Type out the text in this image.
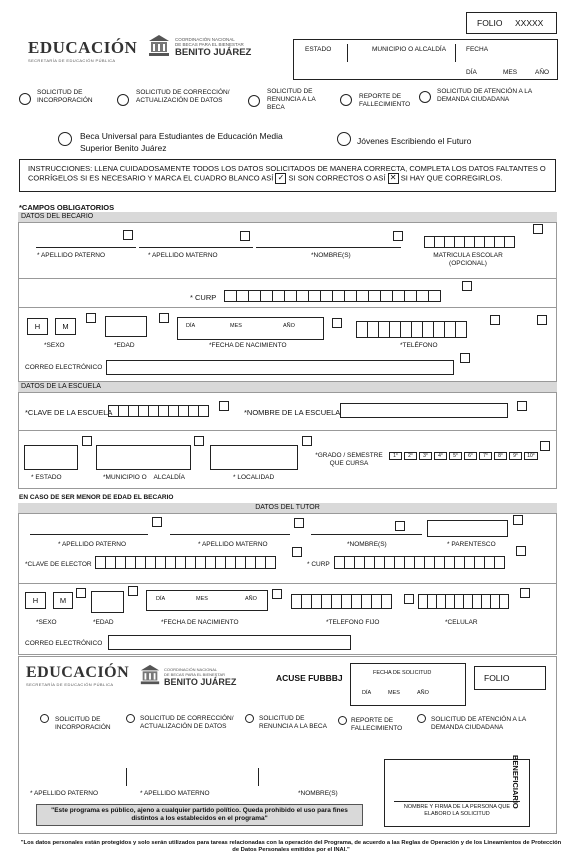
FOLIO XXXXX
EDUCACIÓN
SECRETARÍA DE EDUCACIÓN PÚBLICA
COORDINACIÓN NACIONAL
DE BECAS PARA EL BIENESTAR
BENITO JUÁREZ	ESTADO	MUNICIPIO O ALCALDÍA	FECHA
DÍA	MES	AÑO
SOLICITUD DE INCORPORACIÓN
SOLICITUD DE CORRECCIÓN/ ACTUALIZACIÓN DE DATOS
SOLICITUD DE RENUNCIA A LA BECA
REPORTE DE FALLECIMIENTO
SOLICITUD DE ATENCIÓN A LA DEMANDA CIUDADANA
Beca Universal para Estudiantes de Educación Media Superior Benito Juárez
Jóvenes Escribiendo el Futuro
INSTRUCCIONES: LLENA CUIDADOSAMENTE TODOS LOS DATOS SOLICITADOS DE MANERA CORRECTA, COMPLETA LOS DATOS FALTANTES O CORRÍGELOS SI ES NECESARIO Y MARCA EL CUADRO BLANCO ASÍ ✓ SI SON CORRECTOS O ASÍ ✕ SI HAY QUE CORREGIRLOS.
*CAMPOS OBLIGATORIOS
DATOS DEL BECARIO
* APELLIDO PATERNO	* APELLIDO MATERNO	*NOMBRE(S)	MATRICULA ESCOLAR (OPCIONAL)
* CURP
H	M	DÍA	MES	AÑO
*SEXO	*EDAD	*FECHA DE NACIMIENTO	*TELÉFONO
CORREO ELECTRÓNICO
DATOS DE LA ESCUELA
*CLAVE DE LA ESCUELA	*NOMBRE DE LA ESCUELA
* ESTADO	*MUNICIPIO O    ALCALDÍA	* LOCALIDAD
*GRADO / SEMESTRE QUE CURSA
1°	2°	3°	4°	5°	6°	7°	8°	9°	10°
EN CASO DE SER MENOR DE EDAD EL BECARIO
DATOS DEL TUTOR
* APELLIDO PATERNO	* APELLIDO MATERNO	*NOMBRE(S)	* PARENTESCO
*CLAVE DE ELECTOR	* CURP
H	M	DÍA	MES	AÑO
*SEXO	*EDAD	*FECHA DE NACIMIENTO	*TELEFONO FIJO	*CELULAR
CORREO ELECTRÓNICO
EDUCACIÓN
SECRETARÍA DE EDUCACIÓN PÚBLICA
COORDINACIÓN NACIONAL
DE BECAS PARA EL BIENESTAR
BENITO JUÁREZ	ACUSE FUBBBJ	FECHA DE SOLICITUD
DÍA	MES	AÑO
FOLIO
SOLICITUD DE INCORPORACIÓN
SOLICITUD DE CORRECCIÓN/ ACTUALIZACIÓN DE DATOS
SOLICITUD DE RENUNCIA A LA BECA
REPORTE DE FALLECIMIENTO
SOLICITUD DE ATENCIÓN A LA DEMANDA CIUDADANA
* APELLIDO PATERNO	* APELLIDO MATERNO	*NOMBRE(S)
NOMBRE Y FIRMA DE LA PERSONA QUE ELABORO LA SOLICITUD
BENEFICIARIO
"Este programa es público, ajeno a cualquier partido político. Queda prohibido el uso para fines distintos a los establecidos en el programa"
"Los datos personales están protegidos y solo serán utilizados para tareas relacionadas con la operación del Programa, de acuerdo a las Reglas de Operación y de los Lineamientos de Protección de Datos Personales emitidos por el INAI."
